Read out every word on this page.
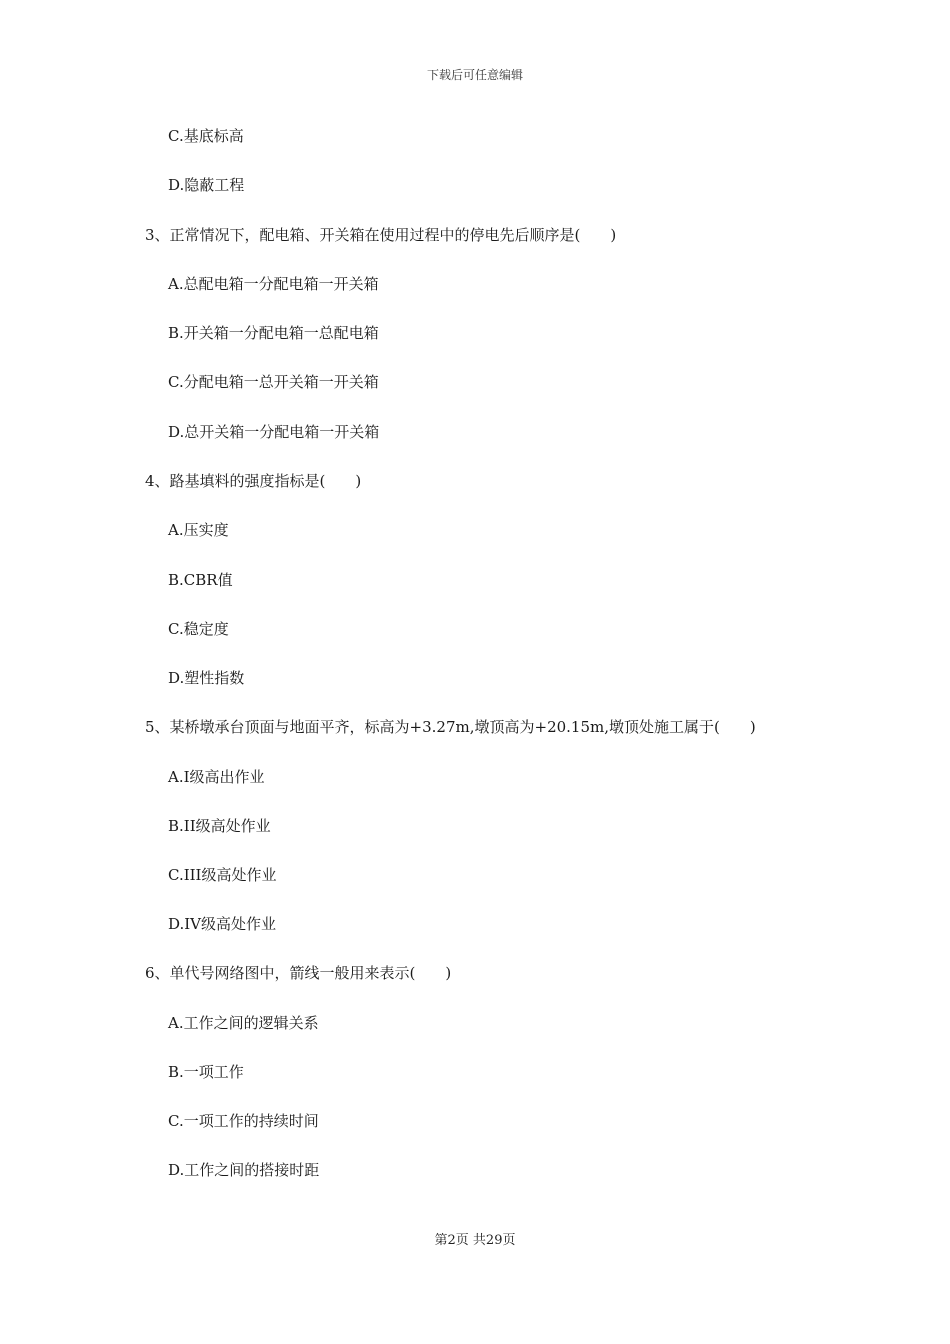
下载后可任意编辑
C.基底标高
D.隐蔽工程
3、正常情况下，配电箱、开关箱在使用过程中的停电先后顺序是(　　)
A.总配电箱一分配电箱一开关箱
B.开关箱一分配电箱一总配电箱
C.分配电箱一总开关箱一开关箱
D.总开关箱一分配电箱一开关箱
4、路基填料的强度指标是(　　)
A.压实度
B.CBR值
C.稳定度
D.塑性指数
5、某桥墩承台顶面与地面平齐，标高为+3.27m,墩顶高为+20.15m,墩顶处施工属于(　　)
A.I级高出作业
B.II级高处作业
C.III级高处作业
D.IV级高处作业
6、单代号网络图中，箭线一般用来表示(　　)
A.工作之间的逻辑关系
B.一项工作
C.一项工作的持续时间
D.工作之间的搭接时距
第2页 共29页
